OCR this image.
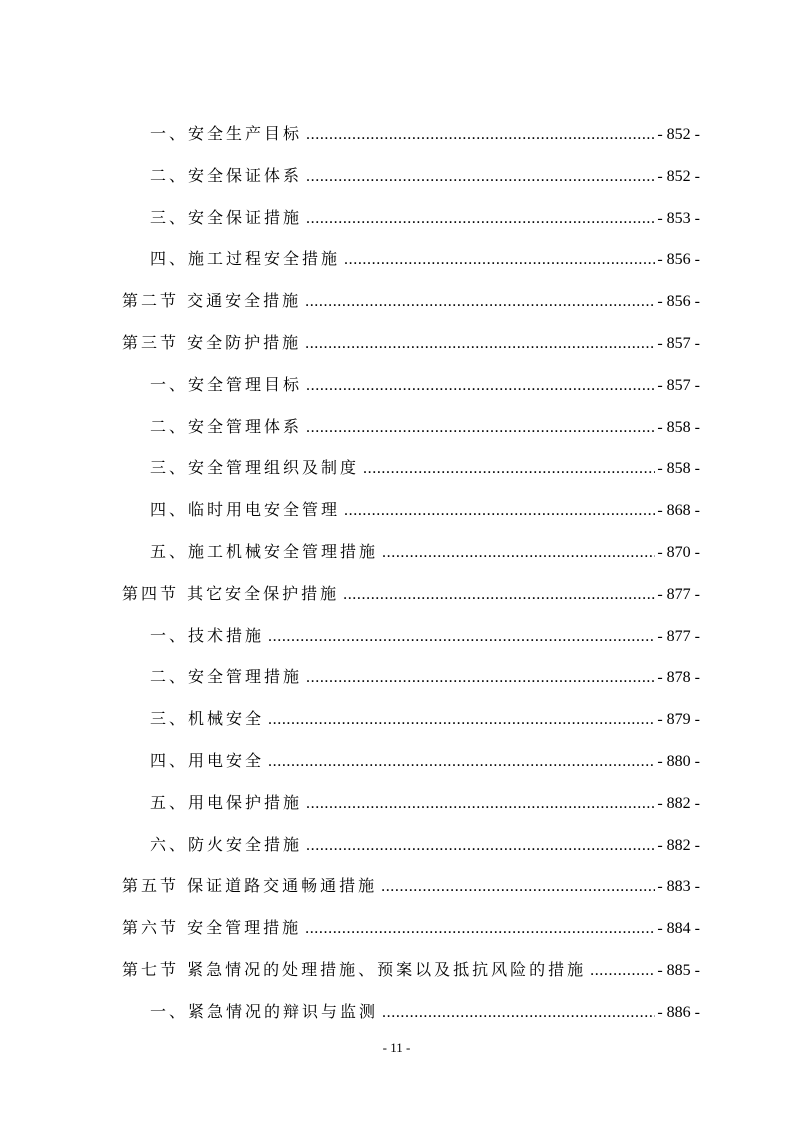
一、安全生产目标 .....	- 852 -
二、安全保证体系 .....	- 852 -
三、安全保证措施 .....	- 853 -
四、施工过程安全措施 .....	- 856 -
第二节 交通安全措施 .....	- 856 -
第三节 安全防护措施 .....	- 857 -
一、安全管理目标 .....	- 857 -
二、安全管理体系 .....	- 858 -
三、安全管理组织及制度 .....	- 858 -
四、临时用电安全管理 .....	- 868 -
五、施工机械安全管理措施 .....	- 870 -
第四节 其它安全保护措施 .....	- 877 -
一、技术措施 .....	- 877 -
二、安全管理措施 .....	- 878 -
三、机械安全 .....	- 879 -
四、用电安全 .....	- 880 -
五、用电保护措施 .....	- 882 -
六、防火安全措施 .....	- 882 -
第五节 保证道路交通畅通措施 .....	- 883 -
第六节 安全管理措施 .....	- 884 -
第七节 紧急情况的处理措施、预案以及抵抗风险的措施 .....	- 885 -
一、紧急情况的辩识与监测 .....	- 886 -
- 11 -
